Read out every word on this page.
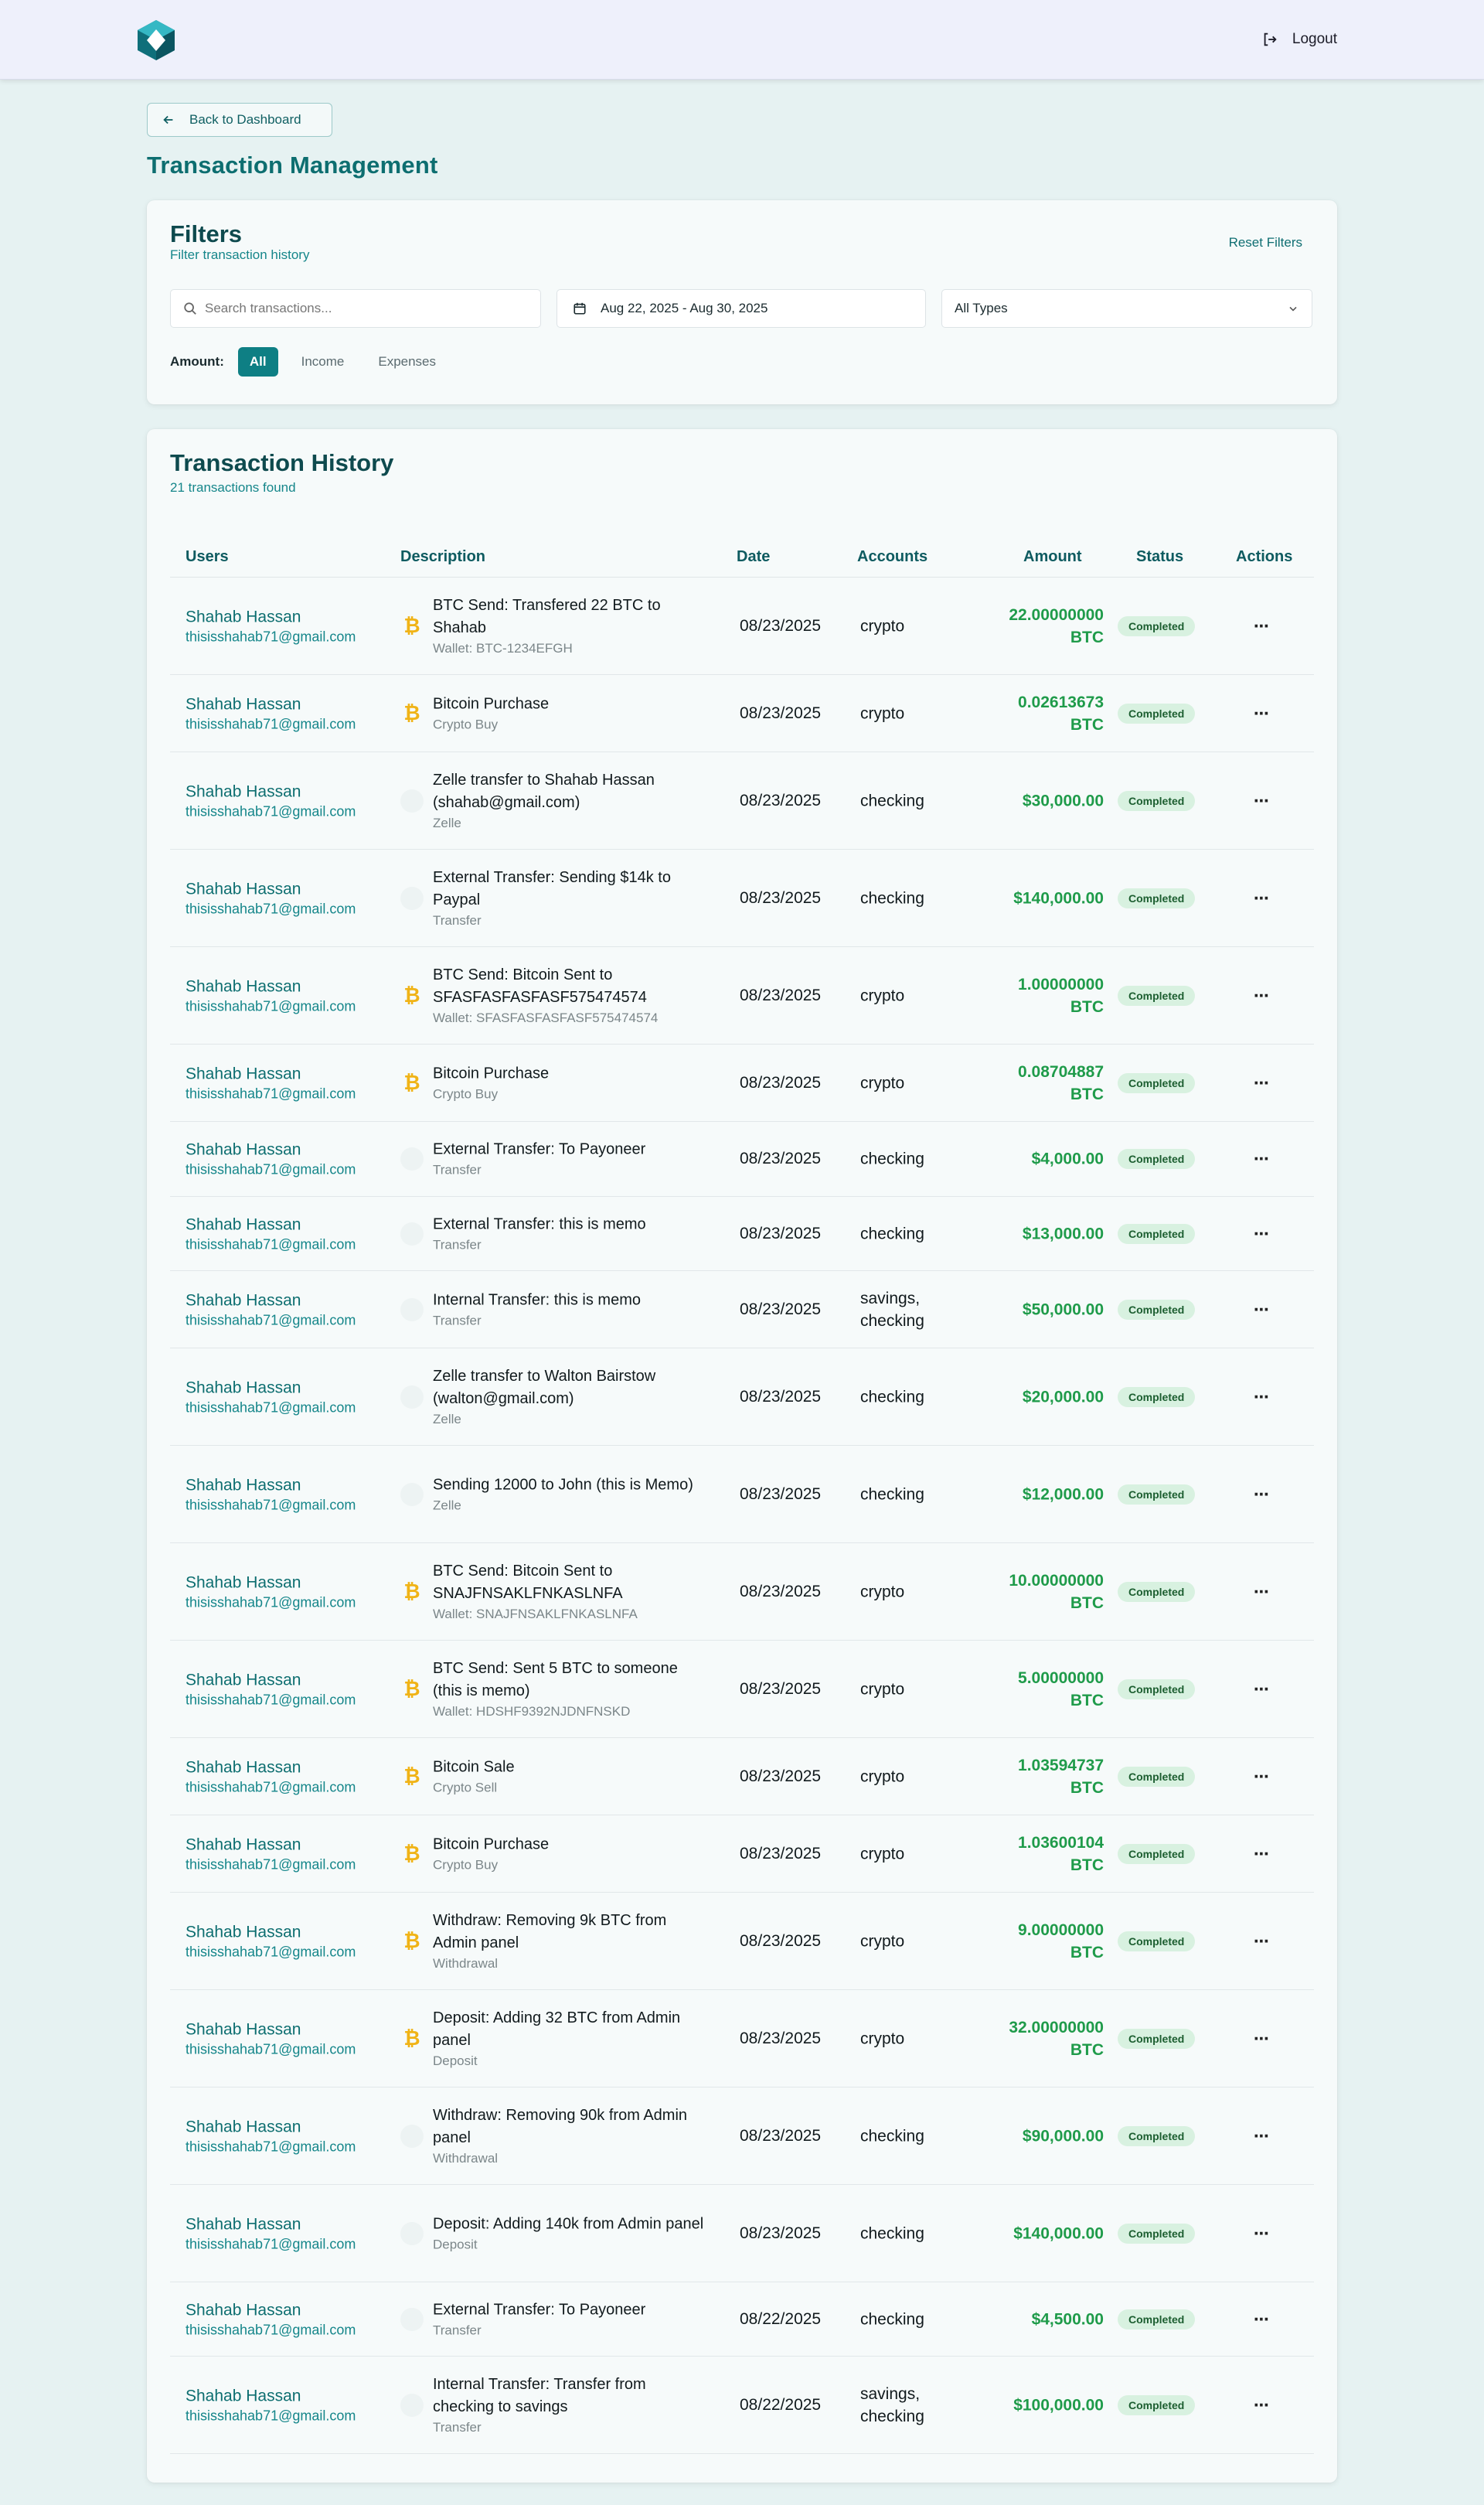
Logout
Back to Dashboard
Transaction Management
Filters
Filter transaction history
Reset Filters
Search transactions...
Aug 22, 2025 - Aug 30, 2025	All Types
Amount:	All	Income	Expenses
Transaction History
21 transactions found
Users	Description	Date	Accounts	Amount	Status	Actions
Shahab Hassan
thisisshahab71@gmail.com ₿
BTC Send: Transfered 22 BTC to Shahab
Wallet: BTC-1234EFGH
08/23/2025 crypto
22.00000000 BTC
Completed	⋯
Shahab Hassan
thisisshahab71@gmail.com ₿ Bitcoin Purchase
Crypto Buy
08/23/2025 crypto
0.02613673 BTC
Completed	⋯
Shahab Hassan
thisisshahab71@gmail.com
Zelle transfer to Shahab Hassan (shahab@gmail.com)
Zelle
08/23/2025 checking	$30,000.00	Completed	⋯
Shahab Hassan
thisisshahab71@gmail.com
External Transfer: Sending $14k to Paypal
Transfer
08/23/2025 checking	$140,000.00	Completed	⋯
Shahab Hassan
thisisshahab71@gmail.com ₿
BTC Send: Bitcoin Sent to SFASFASFASFASF575474574
Wallet: SFASFASFASFASF575474574
08/23/2025 crypto
1.00000000 BTC
Completed	⋯
Shahab Hassan
thisisshahab71@gmail.com ₿ Bitcoin Purchase
Crypto Buy
08/23/2025 crypto
0.08704887 BTC
Completed	⋯
Shahab Hassan
thisisshahab71@gmail.com
External Transfer: To Payoneer
Transfer
08/23/2025 checking	$4,000.00	Completed	⋯
Shahab Hassan
thisisshahab71@gmail.com
External Transfer: this is memo
Transfer
08/23/2025 checking	$13,000.00	Completed	⋯
Shahab Hassan
thisisshahab71@gmail.com
Internal Transfer: this is memo
Transfer
08/23/2025
savings, checking
$50,000.00	Completed	⋯
Shahab Hassan
thisisshahab71@gmail.com
Zelle transfer to Walton Bairstow (walton@gmail.com)
Zelle
08/23/2025 checking	$20,000.00	Completed	⋯
Shahab Hassan
thisisshahab71@gmail.com
Sending 12000 to John (this is Memo)
Zelle
08/23/2025 checking	$12,000.00	Completed	⋯
Shahab Hassan
thisisshahab71@gmail.com ₿
BTC Send: Bitcoin Sent to SNAJFNSAKLFNKASLNFA
Wallet: SNAJFNSAKLFNKASLNFA
08/23/2025 crypto
10.00000000 BTC
Completed	⋯
Shahab Hassan
thisisshahab71@gmail.com ₿
BTC Send: Sent 5 BTC to someone (this is memo)
Wallet: HDSHF9392NJDNFNSKD
08/23/2025 crypto
5.00000000 BTC
Completed	⋯
Shahab Hassan
thisisshahab71@gmail.com ₿ Bitcoin Sale
Crypto Sell
08/23/2025 crypto
1.03594737 BTC
Completed	⋯
Shahab Hassan
thisisshahab71@gmail.com ₿ Bitcoin Purchase
Crypto Buy
08/23/2025 crypto
1.03600104 BTC
Completed	⋯
Shahab Hassan
thisisshahab71@gmail.com ₿
Withdraw: Removing 9k BTC from Admin panel
Withdrawal
08/23/2025 crypto
9.00000000 BTC
Completed	⋯
Shahab Hassan
thisisshahab71@gmail.com ₿
Deposit: Adding 32 BTC from Admin panel
Deposit
08/23/2025 crypto
32.00000000 BTC
Completed	⋯
Shahab Hassan
thisisshahab71@gmail.com
Withdraw: Removing 90k from Admin panel
Withdrawal
08/23/2025 checking	$90,000.00	Completed	⋯
Shahab Hassan
thisisshahab71@gmail.com
Deposit: Adding 140k from Admin panel
Deposit
08/23/2025 checking	$140,000.00	Completed	⋯
Shahab Hassan
thisisshahab71@gmail.com
External Transfer: To Payoneer
Transfer
08/22/2025 checking	$4,500.00	Completed	⋯
Shahab Hassan
thisisshahab71@gmail.com
Internal Transfer: Transfer from checking to savings
Transfer
08/22/2025
savings, checking
$100,000.00	Completed	⋯
